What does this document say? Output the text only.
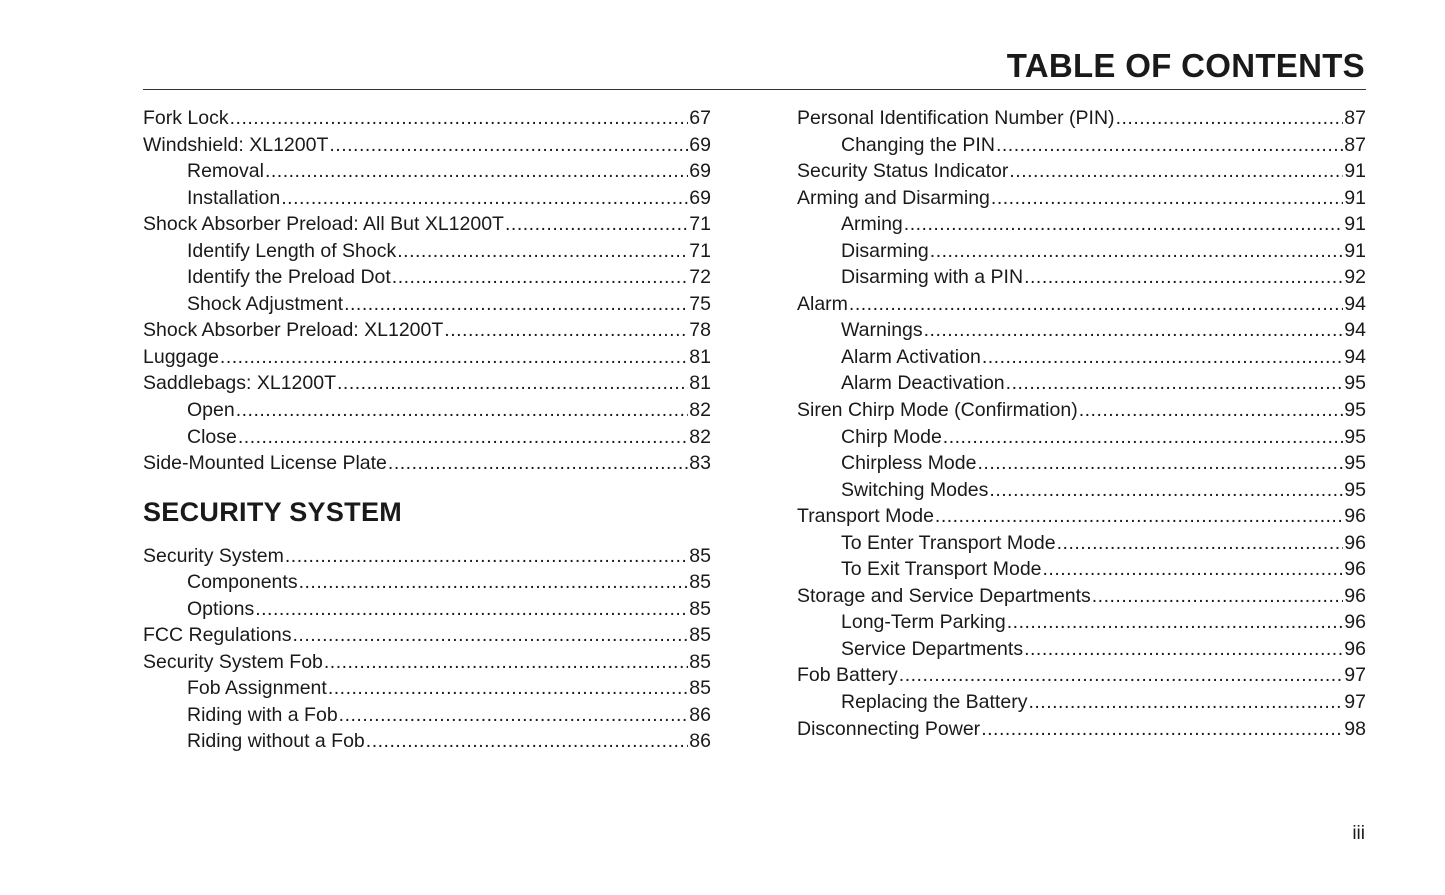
TABLE OF CONTENTS
Fork Lock .....	67
Windshield: XL1200T .....	69
Removal .....	69
Installation .....	69
Shock Absorber Preload: All But XL1200T .....	71
Identify Length of Shock .....	71
Identify the Preload Dot .....	72
Shock Adjustment .....	75
Shock Absorber Preload: XL1200T .....	78
Luggage .....	81
Saddlebags: XL1200T .....	81
Open .....	82
Close .....	82
Side-Mounted License Plate .....	83
SECURITY SYSTEM
Security System .....	85
Components .....	85
Options .....	85
FCC Regulations .....	85
Security System Fob .....	85
Fob Assignment .....	85
Riding with a Fob .....	86
Riding without a Fob .....	86
Personal Identification Number (PIN) .....	87
Changing the PIN .....	87
Security Status Indicator .....	91
Arming and Disarming .....	91
Arming .....	91
Disarming .....	91
Disarming with a PIN .....	92
Alarm .....	94
Warnings .....	94
Alarm Activation .....	94
Alarm Deactivation .....	95
Siren Chirp Mode (Confirmation) .....	95
Chirp Mode .....	95
Chirpless Mode .....	95
Switching Modes .....	95
Transport Mode .....	96
To Enter Transport Mode .....	96
To Exit Transport Mode .....	96
Storage and Service Departments .....	96
Long-Term Parking .....	96
Service Departments .....	96
Fob Battery .....	97
Replacing the Battery .....	97
Disconnecting Power .....	98
iii
